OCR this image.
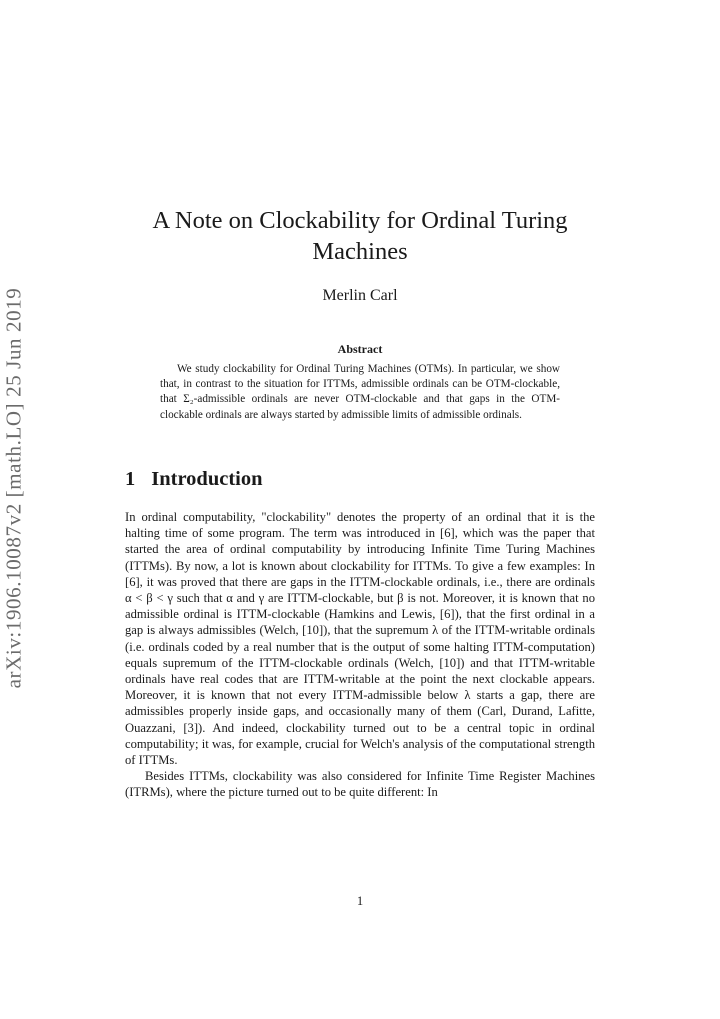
arXiv:1906.10087v2 [math.LO] 25 Jun 2019
A Note on Clockability for Ordinal Turing Machines
Merlin Carl
Abstract

We study clockability for Ordinal Turing Machines (OTMs). In particular, we show that, in contrast to the situation for ITTMs, admissible ordinals can be OTM-clockable, that Σ₂-admissible ordinals are never OTM-clockable and that gaps in the OTM-clockable ordinals are always started by admissible limits of admissible ordinals.

1 Introduction

In ordinal computability, "clockability" denotes the property of an ordinal that it is the halting time of some program. The term was introduced in [6], which was the paper that started the area of ordinal computability by introducing Infinite Time Turing Machines (ITTMs). By now, a lot is known about clockability for ITTMs. To give a few examples: In [6], it was proved that there are gaps in the ITTM-clockable ordinals, i.e., there are ordinals α < β < γ such that α and γ are ITTM-clockable, but β is not. Moreover, it is known that no admissible ordinal is ITTM-clockable (Hamkins and Lewis, [6]), that the first ordinal in a gap is always admissibles (Welch, [10]), that the supremum λ of the ITTM-writable ordinals (i.e. ordinals coded by a real number that is the output of some halting ITTM-computation) equals supremum of the ITTM-clockable ordinals (Welch, [10]) and that ITTM-writable ordinals have real codes that are ITTM-writable at the point the next clockable appears. Moreover, it is known that not every ITTM-admissible below λ starts a gap, there are admissibles properly inside gaps, and occasionally many of them (Carl, Durand, Lafitte, Ouazzani, [3]). And indeed, clockability turned out to be a central topic in ordinal computability; it was, for example, crucial for Welch's analysis of the computational strength of ITTMs.

Besides ITTMs, clockability was also considered for Infinite Time Register Machines (ITRMs), where the picture turned out to be quite different: In

1
